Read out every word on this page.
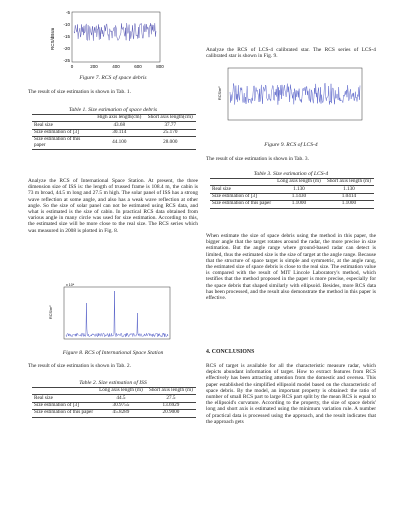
-5
-10
-15
-20
-25
0	200	400	600	800
RCS/dBsm
Figure 7. RCS of space debris

The result of size estimation is shown in Tab. 1.

Table 1. Size estimation of space debris
	High axis length(cm)	Short axis length(cm)
Real size	43.68	37.77
Size estimation of [3]	30.114	25.170
Size estimation of this paper	44.100	28.000

Analyze the RCS of International Space Station. At present, the three dimension size of ISS is: the length of trussed frame is 108.4 m, the cabin is 73 m broad, 44.5 m long and 27.5 m high. The solar panel of ISS has a strong wave reflection at some angle, and also has a weak wave reflection at other angle. So the size of solar panel can not be estimated using RCS data, and what is estimated is the size of cabin. In practical RCS data obtained from various angle in many circle was used for size estimation. According to this, the estimated size will be more close to the real size. The RCS series which was measured in 2008 is plotted in Fig. 8.

x 10⁴
RCS/m²
Figure 8. RCS of International Space Station

The result of size estimation is shown in Tab. 2.

Table 2. Size estimation of ISS
	Long axis length (m)	Short axis length (m)
Real size	44.5	27.5
Size estimation of [3]	30.9755	13.6929
Size estimation of this paper	45.8289	20.9000

Analyze the RCS of LCS-4 calibrated star. The RCS series of LCS-4 calibrated star is shown in Fig. 9.

RCS/m²
Figure 9. RCS of LCS-4

The result of size estimation is shown in Tab. 3.

Table 3. Size estimation of LCS-4
	Long axis length (m)	Short axis length (m)
Real size	1.130	1.130
Size estimation of [3]	1.1430	1.0414
Size estimation of this paper	1.1000	1.1000

When estimate the size of space debris using the method in this paper, the bigger angle that the target rotates around the radar, the more precise in size estimation. But the angle range where ground-based radar can detect is limited, thus the estimated size is the size of target at the angle range. Because that the structure of space target is simple and symmetric, at the angle rang, the estimated size of space debris is close to the real size. The estimation value is compared with the result of MIT Lincole Laboratory's method, which testifies that the method proposed in the paper is more precise, especially for the space debris that shaped similarly with ellipsoid. Besides, more RCS data has been processed, and the result also demonstrate the method in this paper is effective.

4. CONCLUSIONS

RCS of target is available for all the characteristic measure radar, which depicts abundant information of target. How to extract features from RCS effectively has been attracting attention from the domestic and oversea. This paper established the simplified ellipsoid model based on the characteristic of space debris. By the model, an important property is obtained: the ratio of number of small RCS part to large RCS part split by the mean RCS is equal to the ellipsoid's curvature. According to the property, the size of space debris' long and short axis is estimated using the minimum variation rule. A number of practical data is processed using the approach, and the result indicates that the approach gets
